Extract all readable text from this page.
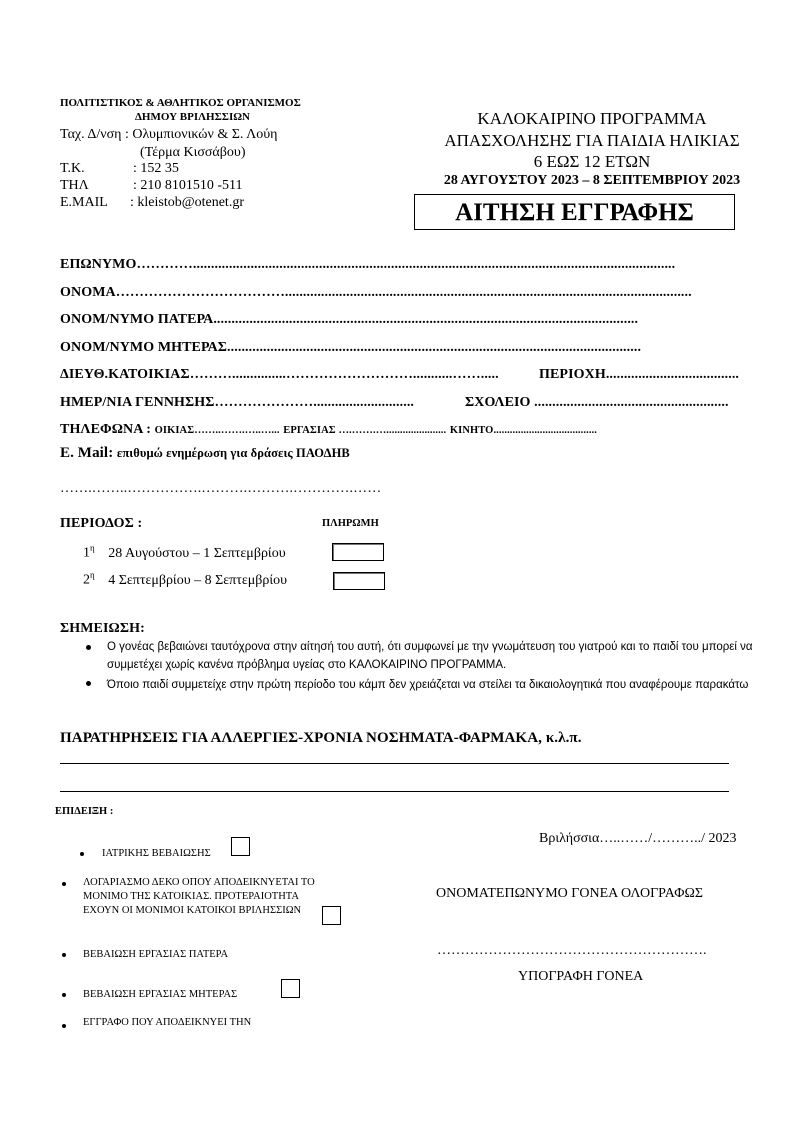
ΠΟΛΙΤΙΣΤΙΚΟΣ & ΑΘΛΗΤΙΚΟΣ ΟΡΓΑΝΙΣΜΟΣ
ΔΗΜΟΥ ΒΡΙΛΗΣΣΙΩΝ
Ταχ. Δ/νση : Ολυμπιονικών & Σ. Λούη
(Τέρμα Κισσάβου)
Τ.Κ.	: 152 35
ΤΗΛ	: 210 8101510 -511
E.MAIL : kleistob@otenet.gr
ΚΑΛΟΚΑΙΡΙΝΟ ΠΡΟΓΡΑΜΜΑ
ΑΠΑΣΧΟΛΗΣΗΣ ΓΙΑ ΠΑΙΔΙΑ ΗΛΙΚΙΑΣ
6 ΕΩΣ 12 ΕΤΩΝ
28 ΑΥΓΟΥΣΤΟΥ 2023 – 8 ΣΕΠΤΕΜΒΡΙΟΥ 2023
ΑΙΤΗΣΗ ΕΓΓΡΑΦΗΣ
ΕΠΩΝΥΜΟ…………......................................................................................................................................
ΟΝΟΜΑ……………………………….................................................................................................................
ΟΝΟΜ/ΝΥΜΟ ΠΑΤΕΡΑ......................................................................................................................
ΟΝΟΜ/ΝΥΜΟ ΜΗΤΕΡΑΣ...................................................................................................................
ΔΙΕΥΘ.ΚΑΤΟΙΚΙΑΣ………...............………………………...........…….....	ΠΕΡΙΟΧΗ.....................................
ΗΜΕΡ/ΝΙΑ ΓΕΝΝΗΣΗΣ…………………............................	ΣΧΟΛΕΙΟ ......................................................
ΤΗΛΕΦΩΝΑ : ΟΙΚΙΑΣ……..…….…..…... ΕΡΓΑΣΙΑΣ ….…….…...................... ΚΙΝΗΤΟ......................................
E. Mail: επιθυμώ ενημέρωση για δράσεις ΠΑΟΔΗΒ
…….……..…………….……….……….………….……
ΠΕΡΙΟΔΟΣ :	ΠΛΗΡΩΜΗ
$1^\eta$ 28 Αυγούστου – 1 Σεπτεμβρίου
$2^\eta$ 4 Σεπτεμβρίου – 8 Σεπτεμβρίου
ΣΗΜΕΙΩΣΗ:
Ο γονέας βεβαιώνει ταυτόχρονα στην αίτησή του αυτή, ότι συμφωνεί με την γνωμάτευση του γιατρού και το παιδί του μπορεί να συμμετέχει χωρίς κανένα πρόβλημα υγείας στο ΚΑΛΟΚΑΙΡΙΝΟ ΠΡΟΓΡΑΜΜΑ.
Όποιο παιδί συμμετείχε στην πρώτη περίοδο του κάμπ δεν χρειάζεται να στείλει τα δικαιολογητικά που αναφέρουμε παρακάτω
ΠΑΡΑΤΗΡΗΣΕΙΣ ΓΙΑ ΑΛΛΕΡΓΙΕΣ-ΧΡΟΝΙΑ ΝΟΣΗΜΑΤΑ-ΦΑΡΜΑΚΑ, κ.λ.π.
ΕΠΙΔΕΙΞΗ :
ΙΑΤΡΙΚΗΣ ΒΕΒΑΙΩΣΗΣ
ΛΟΓΑΡΙΑΣΜΟ ΔΕΚΟ ΟΠΟΥ ΑΠΟΔΕΙΚΝΥΕΤΑΙ ΤΟ ΜΟΝΙΜΟ ΤΗΣ ΚΑΤΟΙΚΙΑΣ. ΠΡΟΤΕΡΑΙΟΤΗΤΑ ΕΧΟΥΝ ΟΙ ΜΟΝΙΜΟΙ ΚΑΤΟΙΚΟΙ ΒΡΙΛΗΣΣΙΩΝ
ΒΕΒΑΙΩΣΗ ΕΡΓΑΣΙΑΣ ΠΑΤΕΡΑ
ΒΕΒΑΙΩΣΗ ΕΡΓΑΣΙΑΣ ΜΗΤΕΡΑΣ
ΕΓΓΡΑΦΟ ΠΟΥ ΑΠΟΔΕΙΚΝΥΕΙ ΤΗΝ
Βριλήσσια…..……/………../ 2023
ΟΝΟΜΑΤΕΠΩΝΥΜΟ ΓΟΝΕΑ ΟΛΟΓΡΑΦΩΣ
………………………………………………….
ΥΠΟΓΡΑΦΗ ΓΟΝΕΑ
